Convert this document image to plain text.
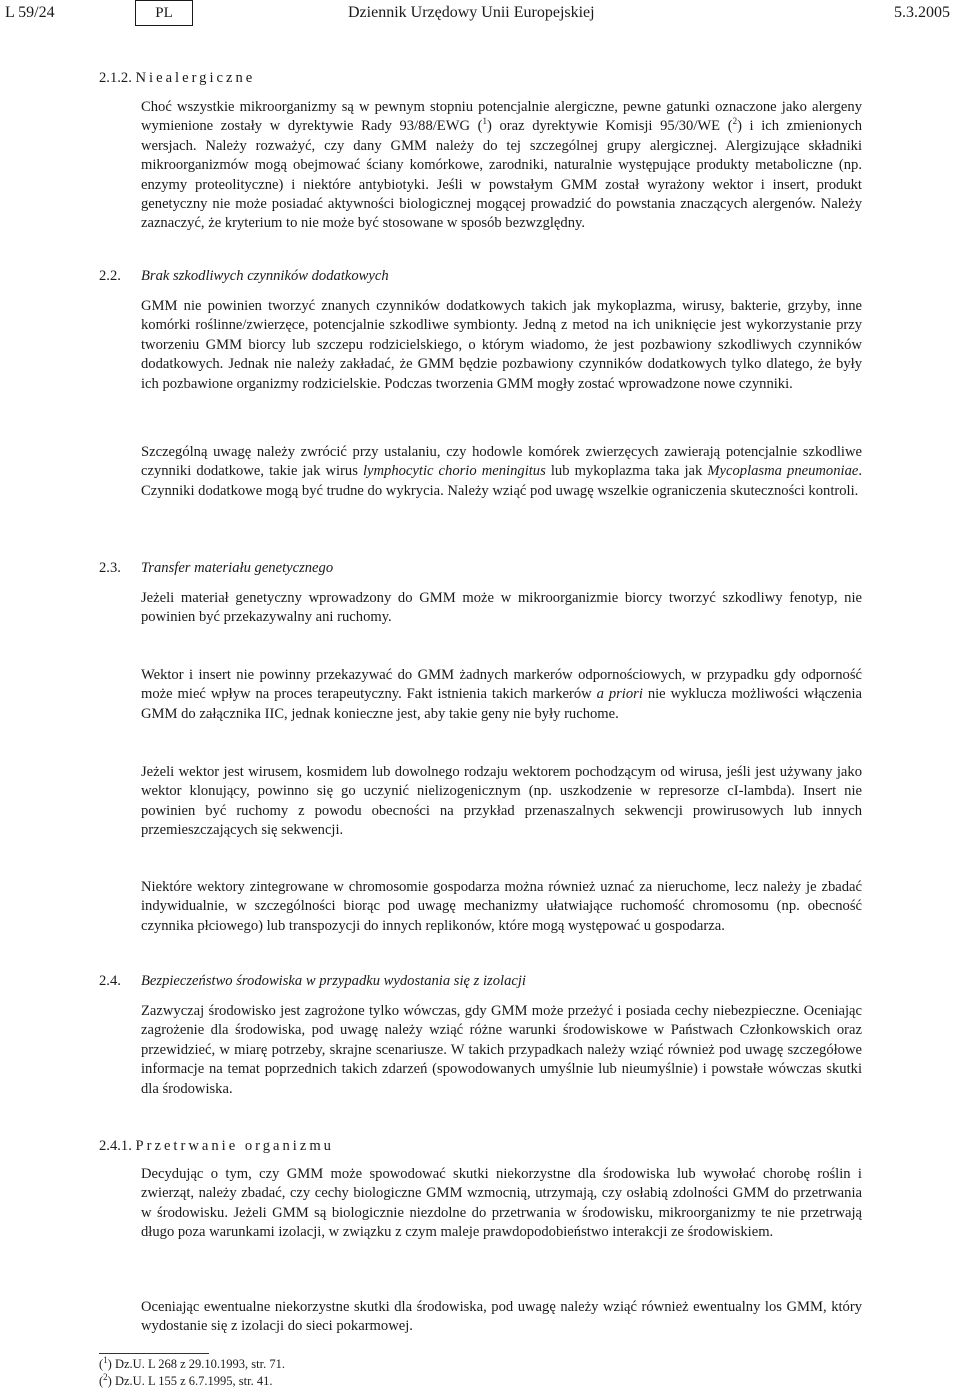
L 59/24	PL	Dziennik Urzędowy Unii Europejskiej	5.3.2005
2.1.2. Niealergiczne
Choć wszystkie mikroorganizmy są w pewnym stopniu potencjalnie alergiczne, pewne gatunki oznaczone jako alergeny wymienione zostały w dyrektywie Rady 93/88/EWG ($^1$) oraz dyrektywie Komisji 95/30/WE ($^2$) i ich zmienionych wersjach. Należy rozważyć, czy dany GMM należy do tej szczególnej grupy alergicznej. Alergizujące składniki mikroorganizmów mogą obejmować ściany komórkowe, zarodniki, naturalnie występujące produkty metaboliczne (np. enzymy proteolityczne) i niektóre antybiotyki. Jeśli w powstałym GMM został wyrażony wektor i insert, produkt genetyczny nie może posiadać aktywności biologicznej mogącej prowadzić do powstania znaczących alergenów. Należy zaznaczyć, że kryterium to nie może być stosowane w sposób bezwzględny.
2.2. Brak szkodliwych czynników dodatkowych
GMM nie powinien tworzyć znanych czynników dodatkowych takich jak mykoplazma, wirusy, bakterie, grzyby, inne komórki roślinne/zwierzęce, potencjalnie szkodliwe symbionty. Jedną z metod na ich uniknięcie jest wykorzystanie przy tworzeniu GMM biorcy lub szczepu rodzicielskiego, o którym wiadomo, że jest pozbawiony szkodliwych czynników dodatkowych. Jednak nie należy zakładać, że GMM będzie pozbawiony czynników dodatkowych tylko dlatego, że były ich pozbawione organizmy rodzicielskie. Podczas tworzenia GMM mogły zostać wprowadzone nowe czynniki.
Szczególną uwagę należy zwrócić przy ustalaniu, czy hodowle komórek zwierzęcych zawierają potencjalnie szkodliwe czynniki dodatkowe, takie jak wirus lymphocytic chorio meningitus lub mykoplazma taka jak Mycoplasma pneumoniae. Czynniki dodatkowe mogą być trudne do wykrycia. Należy wziąć pod uwagę wszelkie ograniczenia skuteczności kontroli.
2.3. Transfer materiału genetycznego
Jeżeli materiał genetyczny wprowadzony do GMM może w mikroorganizmie biorcy tworzyć szkodliwy fenotyp, nie powinien być przekazywalny ani ruchomy.
Wektor i insert nie powinny przekazywać do GMM żadnych markerów odpornościowych, w przypadku gdy odporność może mieć wpływ na proces terapeutyczny. Fakt istnienia takich markerów a priori nie wyklucza możliwości włączenia GMM do załącznika IIC, jednak konieczne jest, aby takie geny nie były ruchome.
Jeżeli wektor jest wirusem, kosmidem lub dowolnego rodzaju wektorem pochodzącym od wirusa, jeśli jest używany jako wektor klonujący, powinno się go uczynić nielizogenicznym (np. uszkodzenie w represorze cI-lambda). Insert nie powinien być ruchomy z powodu obecności na przykład przenaszalnych sekwencji prowirusowych lub innych przemieszczających się sekwencji.
Niektóre wektory zintegrowane w chromosomie gospodarza można również uznać za nieruchome, lecz należy je zbadać indywidualnie, w szczególności biorąc pod uwagę mechanizmy ułatwiające ruchomość chromosomu (np. obecność czynnika płciowego) lub transpozycji do innych replikonów, które mogą występować u gospodarza.
2.4. Bezpieczeństwo środowiska w przypadku wydostania się z izolacji
Zazwyczaj środowisko jest zagrożone tylko wówczas, gdy GMM może przeżyć i posiada cechy niebezpieczne. Oceniając zagrożenie dla środowiska, pod uwagę należy wziąć różne warunki środowiskowe w Państwach Członkowskich oraz przewidzieć, w miarę potrzeby, skrajne scenariusze. W takich przypadkach należy wziąć również pod uwagę szczegółowe informacje na temat poprzednich takich zdarzeń (spowodowanych umyślnie lub nieumyślnie) i powstałe wówczas skutki dla środowiska.
2.4.1. Przetrwanie organizmu
Decydując o tym, czy GMM może spowodować skutki niekorzystne dla środowiska lub wywołać chorobę roślin i zwierząt, należy zbadać, czy cechy biologiczne GMM wzmocnią, utrzymają, czy osłabią zdolności GMM do przetrwania w środowisku. Jeżeli GMM są biologicznie niezdolne do przetrwania w środowisku, mikroorganizmy te nie przetrwają długo poza warunkami izolacji, w związku z czym maleje prawdopodobieństwo interakcji ze środowiskiem.
Oceniając ewentualne niekorzystne skutki dla środowiska, pod uwagę należy wziąć również ewentualny los GMM, który wydostanie się z izolacji do sieci pokarmowej.
($^1$) Dz.U. L 268 z 29.10.1993, str. 71.
($^2$) Dz.U. L 155 z 6.7.1995, str. 41.
